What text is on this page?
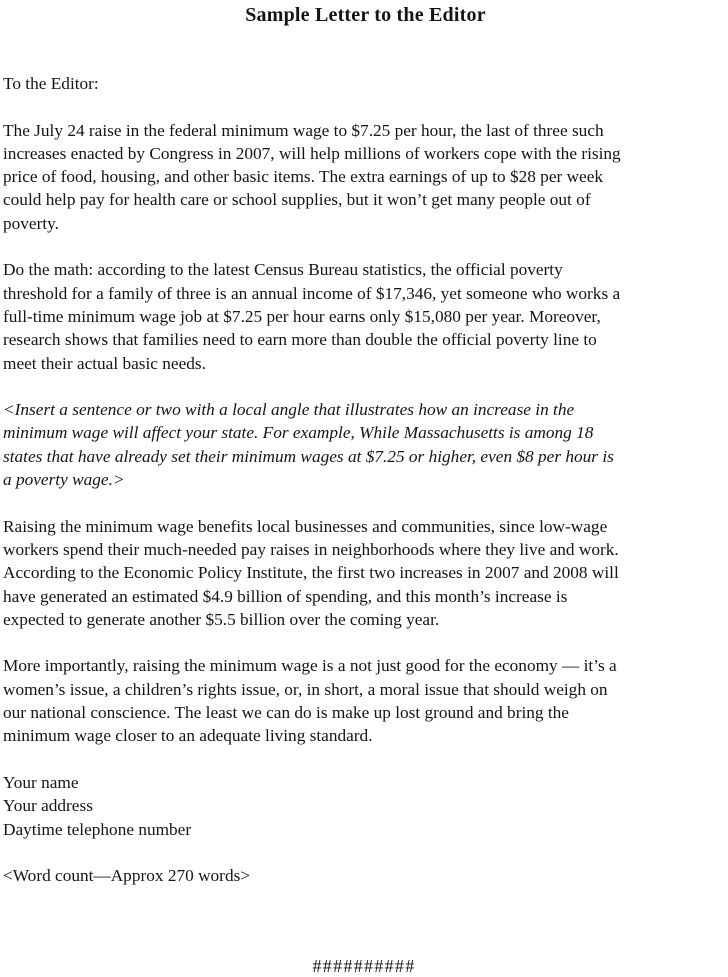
Sample Letter to the Editor

To the Editor:

The July 24 raise in the federal minimum wage to $7.25 per hour, the last of three such
increases enacted by Congress in 2007, will help millions of workers cope with the rising
price of food, housing, and other basic items. The extra earnings of up to $28 per week
could help pay for health care or school supplies, but it won’t get many people out of
poverty.

Do the math: according to the latest Census Bureau statistics, the official poverty
threshold for a family of three is an annual income of $17,346, yet someone who works a
full-time minimum wage job at $7.25 per hour earns only $15,080 per year. Moreover,
research shows that families need to earn more than double the official poverty line to
meet their actual basic needs.

<Insert a sentence or two with a local angle that illustrates how an increase in the
minimum wage will affect your state. For example, While Massachusetts is among 18
states that have already set their minimum wages at $7.25 or higher, even $8 per hour is
a poverty wage.>

Raising the minimum wage benefits local businesses and communities, since low-wage
workers spend their much-needed pay raises in neighborhoods where they live and work.
According to the Economic Policy Institute, the first two increases in 2007 and 2008 will
have generated an estimated $4.9 billion of spending, and this month’s increase is
expected to generate another $5.5 billion over the coming year.

More importantly, raising the minimum wage is a not just good for the economy — it’s a
women’s issue, a children’s rights issue, or, in short, a moral issue that should weigh on
our national conscience. The least we can do is make up lost ground and bring the
minimum wage closer to an adequate living standard.

Your name
Your address
Daytime telephone number

<Word count—Approx 270 words>

##########
